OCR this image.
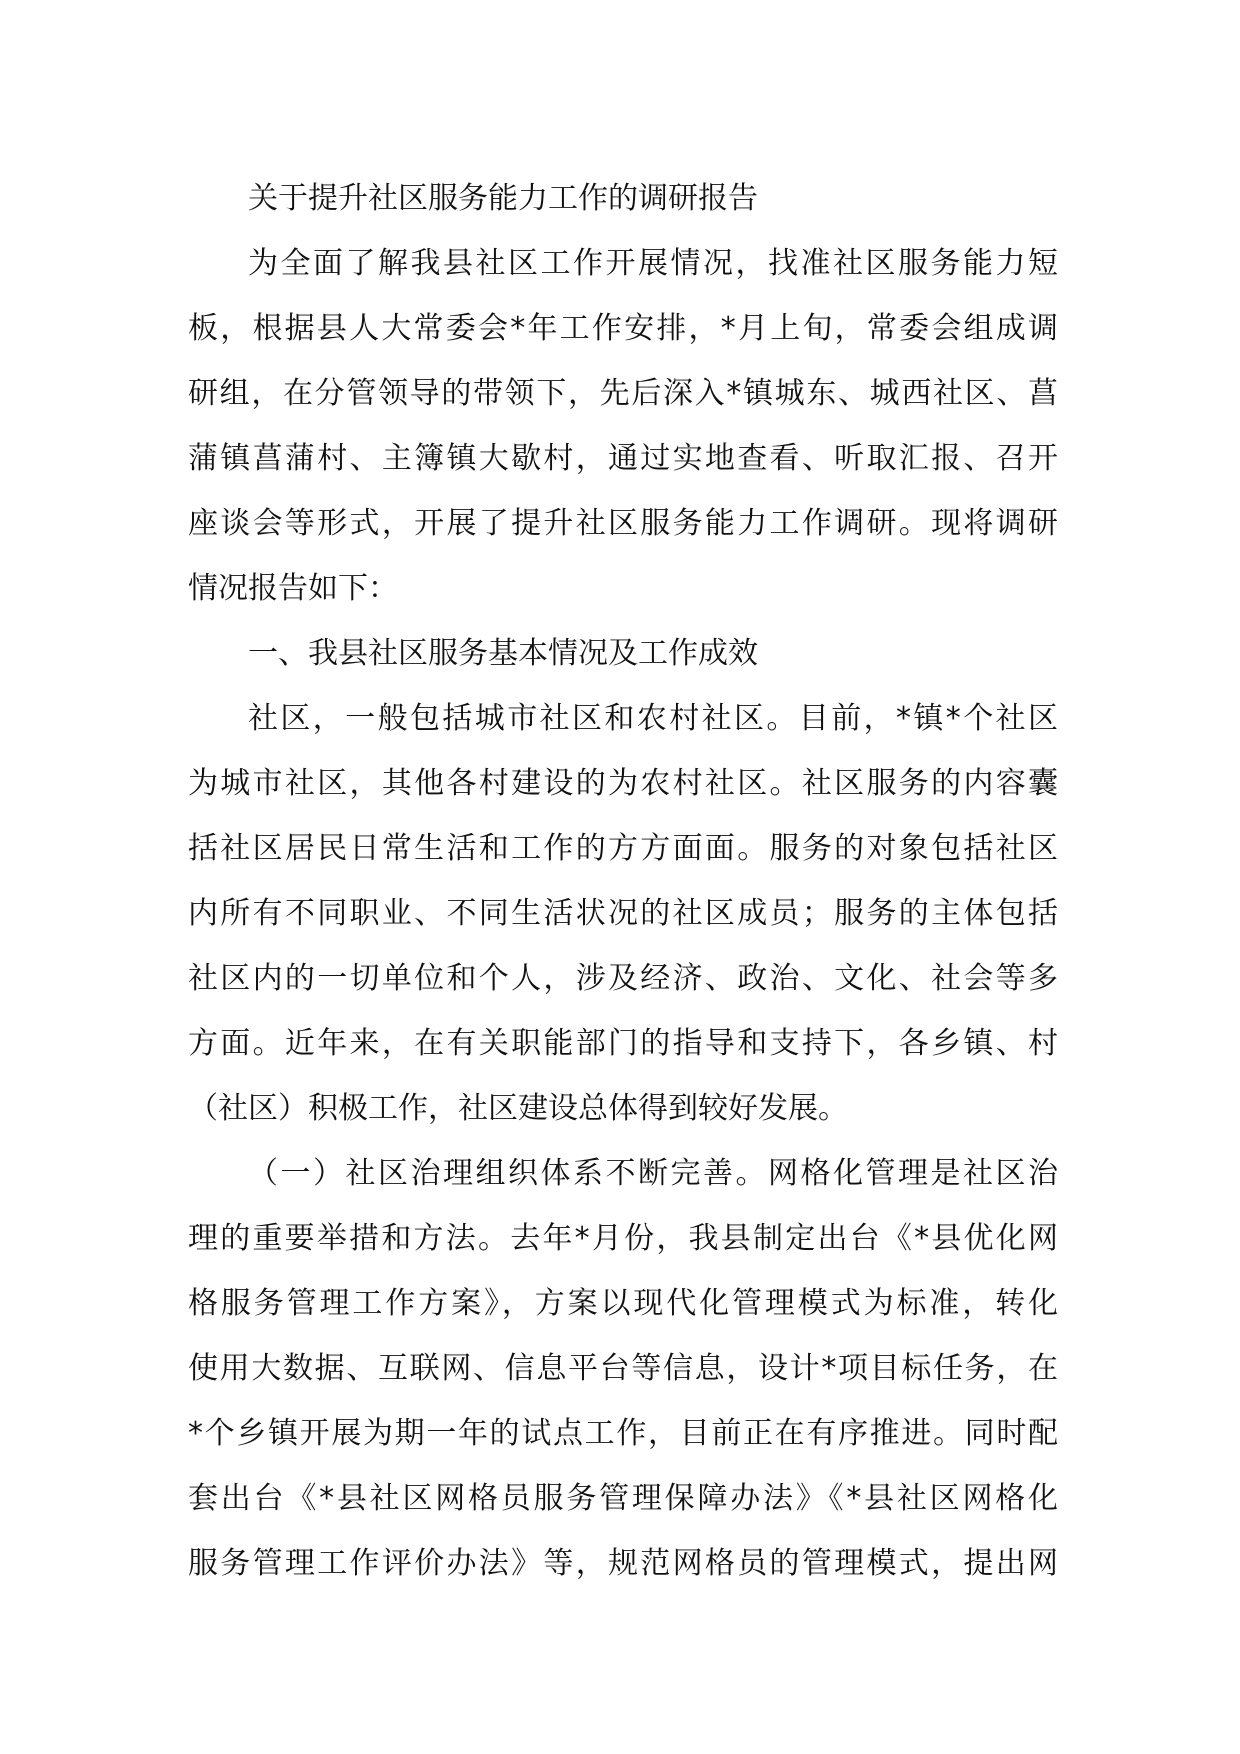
关于提升社区服务能力工作的调研报告
为全面了解我县社区工作开展情况，找准社区服务能力短
板，根据县人大常委会*年工作安排，*月上旬，常委会组成调
研组，在分管领导的带领下，先后深入*镇城东、城西社区、菖
蒲镇菖蒲村、主簿镇大歇村，通过实地查看、听取汇报、召开
座谈会等形式，开展了提升社区服务能力工作调研。现将调研
情况报告如下：
一、我县社区服务基本情况及工作成效
社区，一般包括城市社区和农村社区。目前，*镇*个社区
为城市社区，其他各村建设的为农村社区。社区服务的内容囊
括社区居民日常生活和工作的方方面面。服务的对象包括社区
内所有不同职业、不同生活状况的社区成员；服务的主体包括
社区内的一切单位和个人，涉及经济、政治、文化、社会等多
方面。近年来，在有关职能部门的指导和支持下，各乡镇、村
（社区）积极工作，社区建设总体得到较好发展。
（一）社区治理组织体系不断完善。网格化管理是社区治
理的重要举措和方法。去年*月份，我县制定出台《*县优化网
格服务管理工作方案》，方案以现代化管理模式为标准，转化
使用大数据、互联网、信息平台等信息，设计*项目标任务，在
*个乡镇开展为期一年的试点工作，目前正在有序推进。同时配
套出台《*县社区网格员服务管理保障办法》《*县社区网格化
服务管理工作评价办法》等，规范网格员的管理模式，提出网
